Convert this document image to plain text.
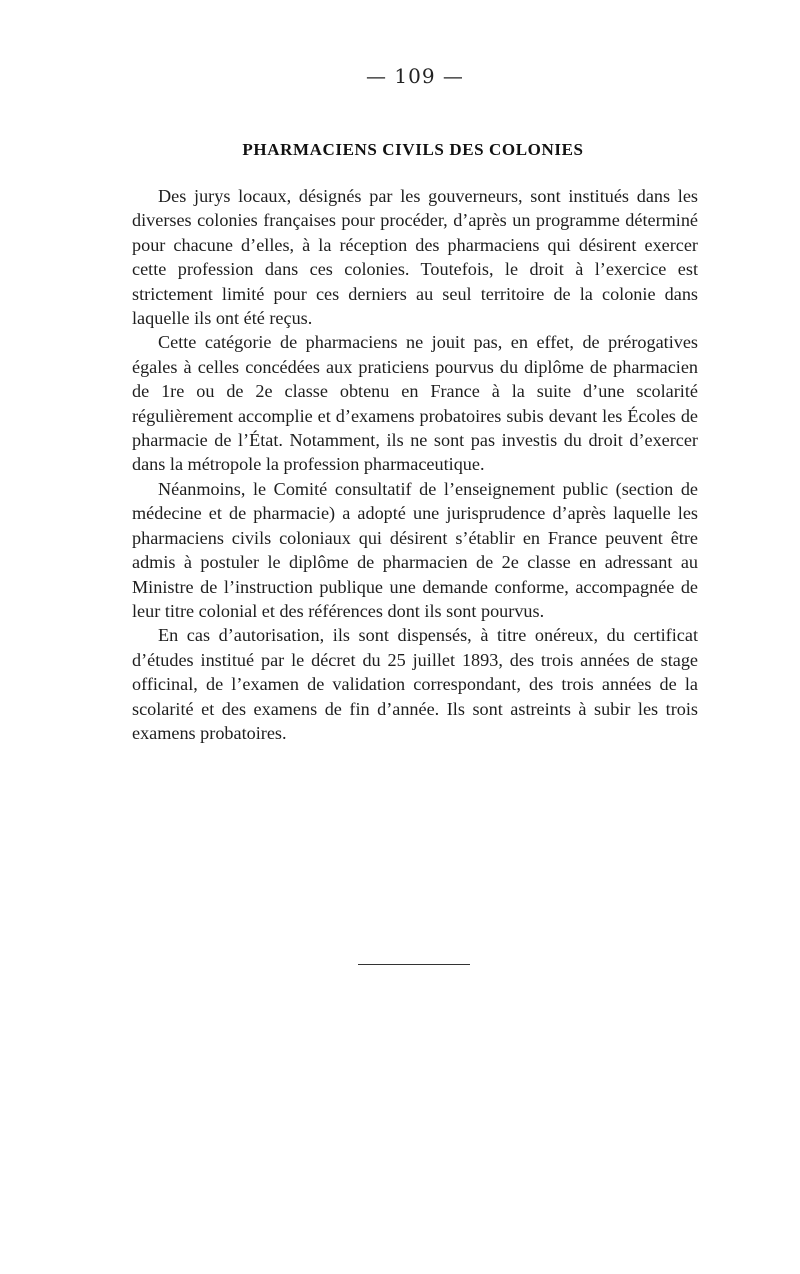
— 109 —
PHARMACIENS CIVILS DES COLONIES

Des jurys locaux, désignés par les gouverneurs, sont institués dans les diverses colonies françaises pour procéder, d’après un programme déterminé pour chacune d’elles, à la réception des pharmaciens qui désirent exercer cette profession dans ces colonies. Toutefois, le droit à l’exercice est strictement limité pour ces derniers au seul territoire de la colonie dans laquelle ils ont été reçus.

Cette catégorie de pharmaciens ne jouit pas, en effet, de prérogatives égales à celles concédées aux praticiens pourvus du diplôme de pharmacien de 1re ou de 2e classe obtenu en France à la suite d’une scolarité régulièrement accomplie et d’examens probatoires subis devant les Écoles de pharmacie de l’État. Notamment, ils ne sont pas investis du droit d’exercer dans la métropole la profession pharmaceutique.

Néanmoins, le Comité consultatif de l’enseignement public (section de médecine et de pharmacie) a adopté une jurisprudence d’après laquelle les pharmaciens civils coloniaux qui désirent s’établir en France peuvent être admis à postuler le diplôme de pharmacien de 2e classe en adressant au Ministre de l’instruction publique une demande conforme, accompagnée de leur titre colonial et des références dont ils sont pourvus.

En cas d’autorisation, ils sont dispensés, à titre onéreux, du certificat d’études institué par le décret du 25 juillet 1893, des trois années de stage officinal, de l’examen de validation correspondant, des trois années de la scolarité et des examens de fin d’année. Ils sont astreints à subir les trois examens probatoires.
